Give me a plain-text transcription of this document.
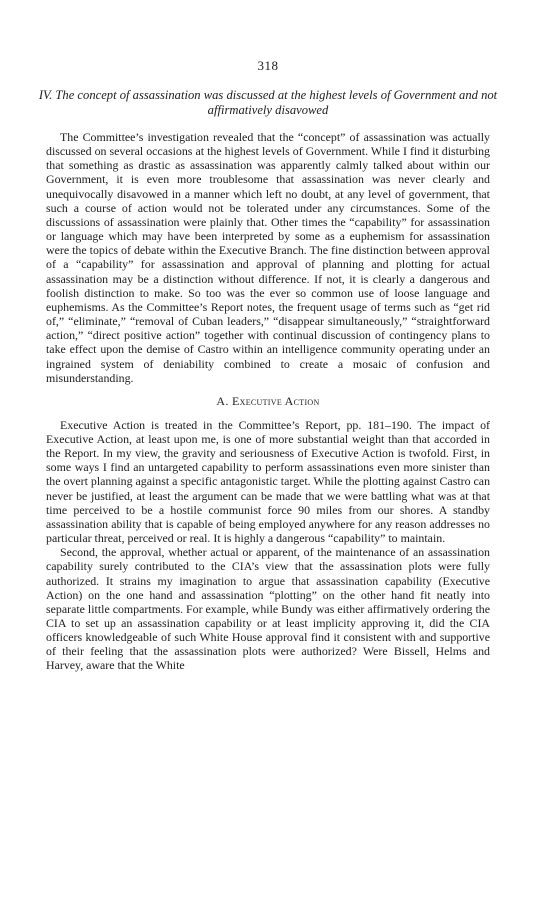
318
IV. The concept of assassination was discussed at the highest levels of Government and not affirmatively disavowed

The Committee’s investigation revealed that the “concept” of assassination was actually discussed on several occasions at the highest levels of Government. While I find it disturbing that something as drastic as assassination was apparently calmly talked about within our Government, it is even more troublesome that assassination was never clearly and unequivocally disavowed in a manner which left no doubt, at any level of government, that such a course of action would not be tolerated under any circumstances. Some of the discussions of assassination were plainly that. Other times the “capability” for assassination or language which may have been interpreted by some as a euphemism for assassination were the topics of debate within the Executive Branch. The fine distinction between approval of a “capability” for assassination and approval of planning and plotting for actual assassination may be a distinction without difference. If not, it is clearly a dangerous and foolish distinction to make. So too was the ever so common use of loose language and euphemisms. As the Committee’s Report notes, the frequent usage of terms such as “get rid of,” “eliminate,” “removal of Cuban leaders,” “disappear simultaneously,” “straightforward action,” “direct positive action” together with continual discussion of contingency plans to take effect upon the demise of Castro within an intelligence community operating under an ingrained system of deniability combined to create a mosaic of confusion and misunderstanding.

A. Executive Action

Executive Action is treated in the Committee’s Report, pp. 181–190. The impact of Executive Action, at least upon me, is one of more substantial weight than that accorded in the Report. In my view, the gravity and seriousness of Executive Action is twofold. First, in some ways I find an untargeted capability to perform assassinations even more sinister than the overt planning against a specific antagonistic target. While the plotting against Castro can never be justified, at least the argument can be made that we were battling what was at that time perceived to be a hostile communist force 90 miles from our shores. A standby assassination ability that is capable of being employed anywhere for any reason addresses no particular threat, perceived or real. It is highly a dangerous “capability” to maintain.

Second, the approval, whether actual or apparent, of the maintenance of an assassination capability surely contributed to the CIA’s view that the assassination plots were fully authorized. It strains my imagination to argue that assassination capability (Executive Action) on the one hand and assassination “plotting” on the other hand fit neatly into separate little compartments. For example, while Bundy was either affirmatively ordering the CIA to set up an assassination capability or at least implicity approving it, did the CIA officers knowledgeable of such White House approval find it consistent with and supportive of their feeling that the assassination plots were authorized? Were Bissell, Helms and Harvey, aware that the White
